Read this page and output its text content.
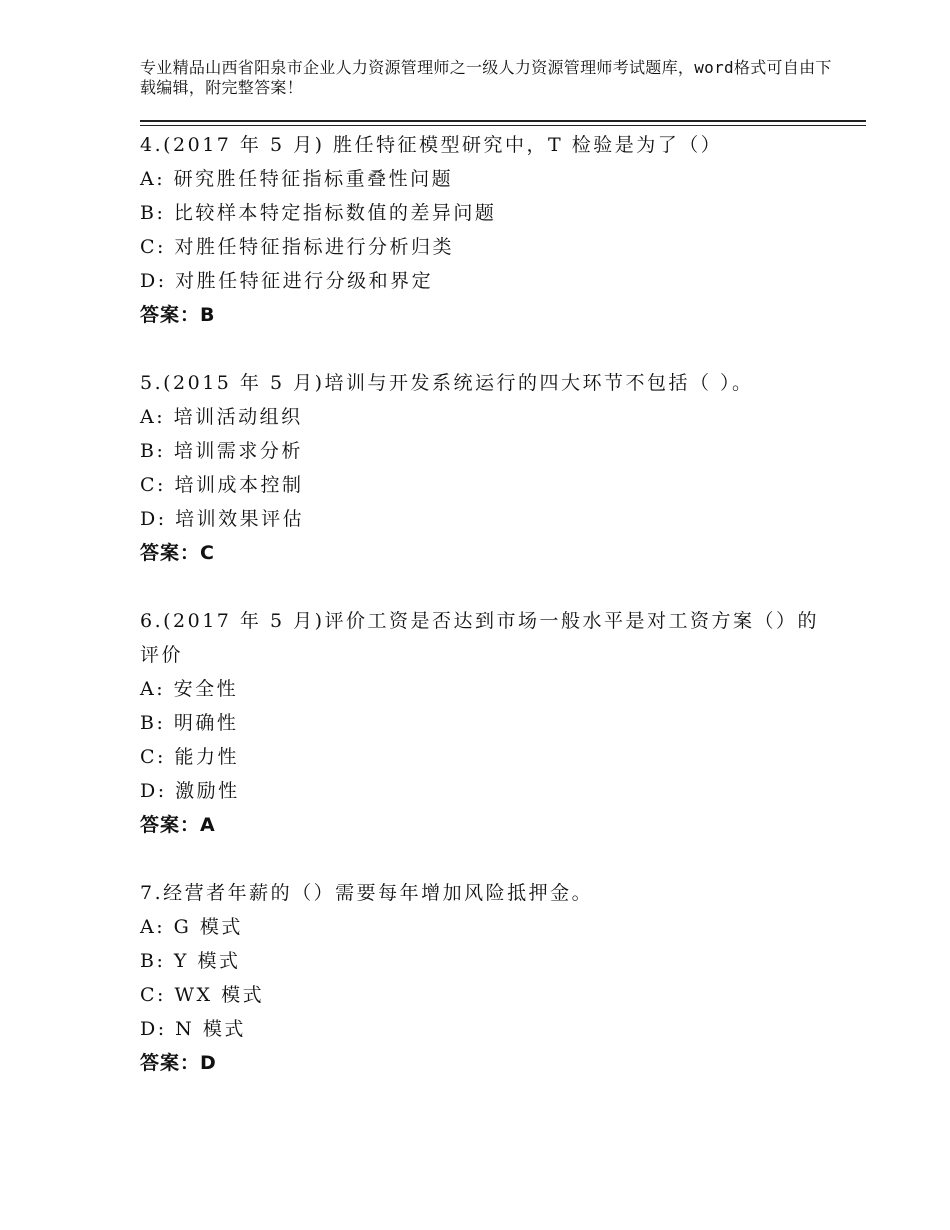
专业精品山西省阳泉市企业人力资源管理师之一级人力资源管理师考试题库，word格式可自由下载编辑，附完整答案！
4.(2017 年 5 月) 胜任特征模型研究中，T 检验是为了（）
A: 研究胜任特征指标重叠性问题
B: 比较样本特定指标数值的差异问题
C: 对胜任特征指标进行分析归类
D: 对胜任特征进行分级和界定
答案：B
5.(2015 年 5 月)培训与开发系统运行的四大环节不包括（ ）。
A: 培训活动组织
B: 培训需求分析
C: 培训成本控制
D: 培训效果评估
答案：C
6.(2017 年 5 月)评价工资是否达到市场一般水平是对工资方案（）的评价
A: 安全性
B: 明确性
C: 能力性
D: 激励性
答案：A
7.经营者年薪的（）需要每年增加风险抵押金。
A: G 模式
B: Y 模式
C: WX 模式
D: N 模式
答案：D
